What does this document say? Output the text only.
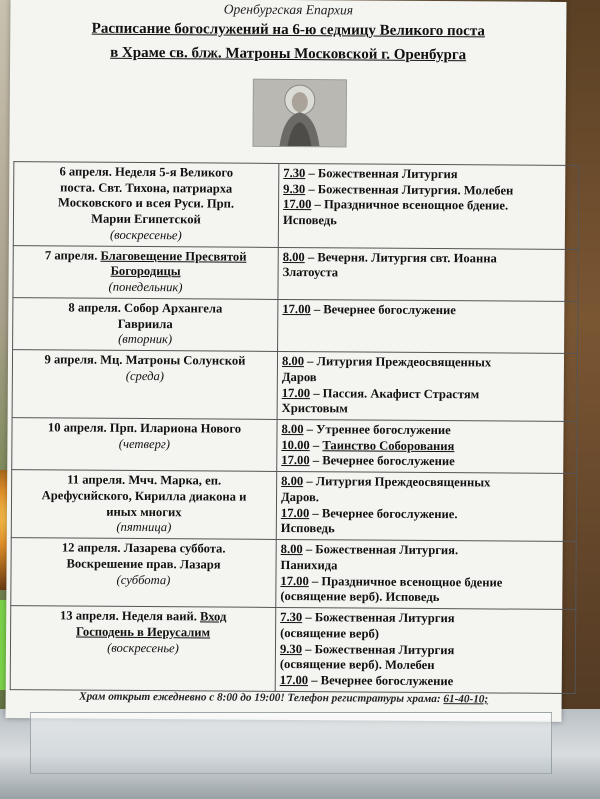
Оренбургская Епархия
Расписание богослужений на 6-ю седмицу Великого поста
в Храме св. блж. Матроны Московской г. Оренбурга
6 апреля. Неделя 5-я Великого
поста. Свт. Тихона, патриарха
Московского и всея Руси. Прп.
Марии Египетской
(воскресенье)	7.30 – Божественная Литургия
9.30 – Божественная Литургия. Молебен
17.00 – Праздничное всенощное бдение.
Исповедь

7 апреля. Благовещение Пресвятой
Богородицы
(понедельник)	8.00 – Вечерня. Литургия свт. Иоанна
Златоуста

8 апреля. Собор Архангела
Гавриила
(вторник)	17.00 – Вечернее богослужение

9 апреля. Мц. Матроны Солунской
(среда)	8.00 – Литургия Преждеосвященных
Даров
17.00 – Пассия. Акафист Страстям
Христовым

10 апреля. Прп. Илариона Нового
(четверг)	8.00 – Утреннее богослужение
10.00 – Таинство Соборования
17.00 – Вечернее богослужение

11 апреля. Мчч. Марка, еп.
Арефусийского, Кирилла диакона и
иных многих
(пятница)	8.00 – Литургия Преждеосвященных
Даров.
17.00 – Вечернее богослужение.
Исповедь

12 апреля. Лазарева суббота.
Воскрешение прав. Лазаря
(суббота)	8.00 – Божественная Литургия.
Панихида
17.00 – Праздничное всенощное бдение
(освящение верб). Исповедь

13 апреля. Неделя ваий. Вход
Господень в Иерусалим
(воскресенье)	7.30 – Божественная Литургия
(освящение верб)
9.30 – Божественная Литургия
(освящение верб). Молебен
17.00 – Вечернее богослужение
Храм открыт ежедневно с 8:00 до 19:00! Телефон регистратуры храма: 61-40-10;
